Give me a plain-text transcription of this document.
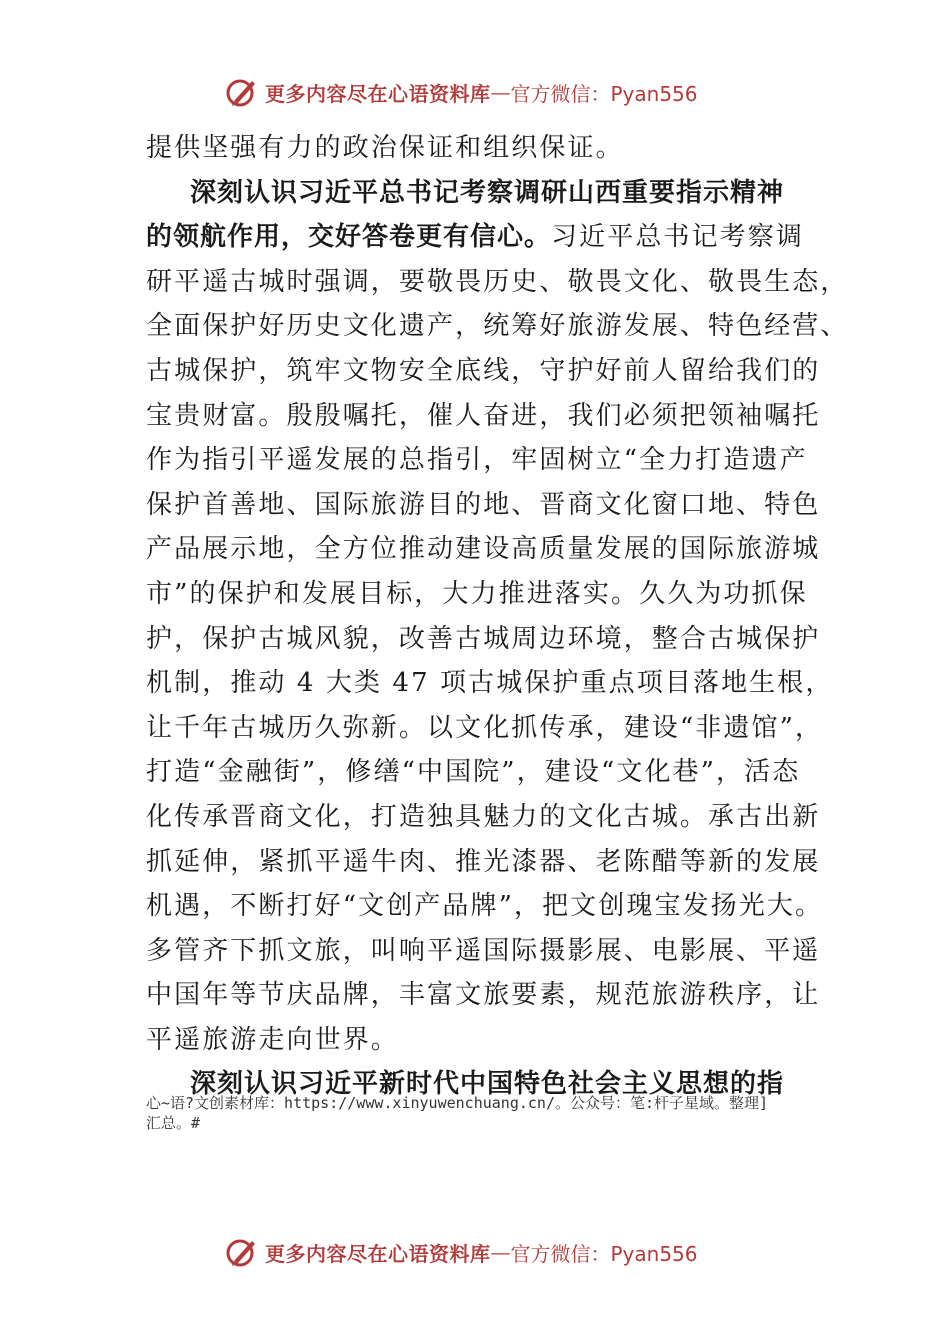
更多内容尽在心语资料库 — 官方微信：Pyan556
提供坚强有力的政治保证和组织保证。
深刻认识习近平总书记考察调研山西重要指示精神
的领航作用，交好答卷更有信心。习近平总书记考察调
研平遥古城时强调，要敬畏历史、敬畏文化、敬畏生态，
全面保护好历史文化遗产，统筹好旅游发展、特色经营、
古城保护，筑牢文物安全底线，守护好前人留给我们的
宝贵财富。殷殷嘱托，催人奋进，我们必须把领袖嘱托
作为指引平遥发展的总指引，牢固树立“全力打造遗产
保护首善地、国际旅游目的地、晋商文化窗口地、特色
产品展示地，全方位推动建设高质量发展的国际旅游城
市”的保护和发展目标，大力推进落实。久久为功抓保
护，保护古城风貌，改善古城周边环境，整合古城保护
机制，推动 4 大类 47 项古城保护重点项目落地生根，
让千年古城历久弥新。以文化抓传承，建设“非遗馆”，
打造“金融街”，修缮“中国院”，建设“文化巷”，活态
化传承晋商文化，打造独具魅力的文化古城。承古出新
抓延伸，紧抓平遥牛肉、推光漆器、老陈醋等新的发展
机遇，不断打好“文创产品牌”，把文创瑰宝发扬光大。
多管齐下抓文旅，叫响平遥国际摄影展、电影展、平遥
中国年等节庆品牌，丰富文旅要素，规范旅游秩序，让
平遥旅游走向世界。
深刻认识习近平新时代中国特色社会主义思想的指
心~语?文创素材库：https://www.xinyuwenchuang.cn/。公众号：笔:杆子星域。整理]
汇总。#
更多内容尽在心语资料库 — 官方微信：Pyan556
